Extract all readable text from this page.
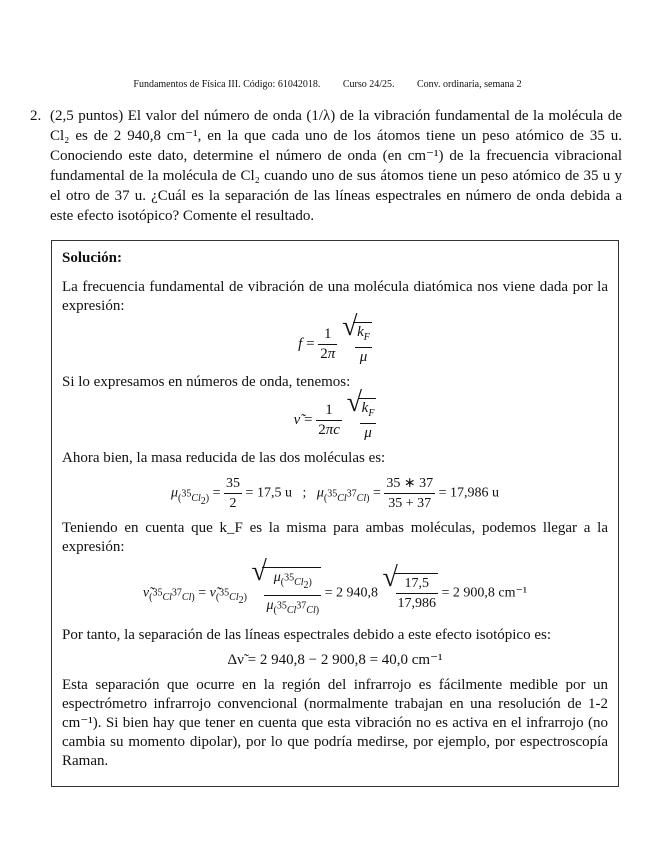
Fundamentos de Física III. Código: 61042018. Curso 24/25. Conv. ordinaria, semana 2
2. (2,5 puntos) El valor del número de onda (1/λ) de la vibración fundamental de la molécula de Cl₂ es de 2 940,8 cm⁻¹, en la que cada uno de los átomos tiene un peso atómico de 35 u. Conociendo este dato, determine el número de onda (en cm⁻¹) de la frecuencia vibracional fundamental de la molécula de Cl₂ cuando uno de sus átomos tiene un peso atómico de 35 u y el otro de 37 u. ¿Cuál es la separación de las líneas espectrales en número de onda debida a este efecto isotópico? Comente el resultado.

Solución:

La frecuencia fundamental de vibración de una molécula diatómica nos viene dada por la expresión:

$f = \frac{1}{2\pi}$
√ $\frac{k_F}{\mu}$

Si lo expresamos en números de onda, tenemos:

ν̃ = $\frac{1}{2\pi c}$
√ $\frac{k_F}{\mu}$

Ahora bien, la masa reducida de las dos moléculas es:

$\mu_{(^{35}Cl_2)} = \frac{35}{2} = 17,5$ u   ;   $\mu_{(^{35}Cl^{37}Cl)} = \frac{35 ∗ 37}{35 + 37} = 17,986$ u

Teniendo en cuenta que k_F es la misma para ambas moléculas, podemos llegar a la expresión:

$\nũ_{(^{35}Cl^{37}Cl)}$ = $\nũ_{(^{35}Cl_2)}$ √ $\frac{\mu_{(^{35}Cl_2)}}{\mu_{(^{35}Cl^{37}Cl)}} = 2$ 940,8 √ $\frac{17,5}{17,986} = 2$ 900,8 cm⁻¹

Por tanto, la separación de las líneas espectrales debido a este efecto isotópico es:

Δν̃ = 2 940,8 − 2 900,8 = 40,0 cm⁻¹

Esta separación que ocurre en la región del infrarrojo es fácilmente medible por un espectrómetro infrarrojo convencional (normalmente trabajan en una resolución de 1-2 cm⁻¹). Si bien hay que tener en cuenta que esta vibración no es activa en el infrarrojo (no cambia su momento dipolar), por lo que podría medirse, por ejemplo, por espectroscopía Raman.
